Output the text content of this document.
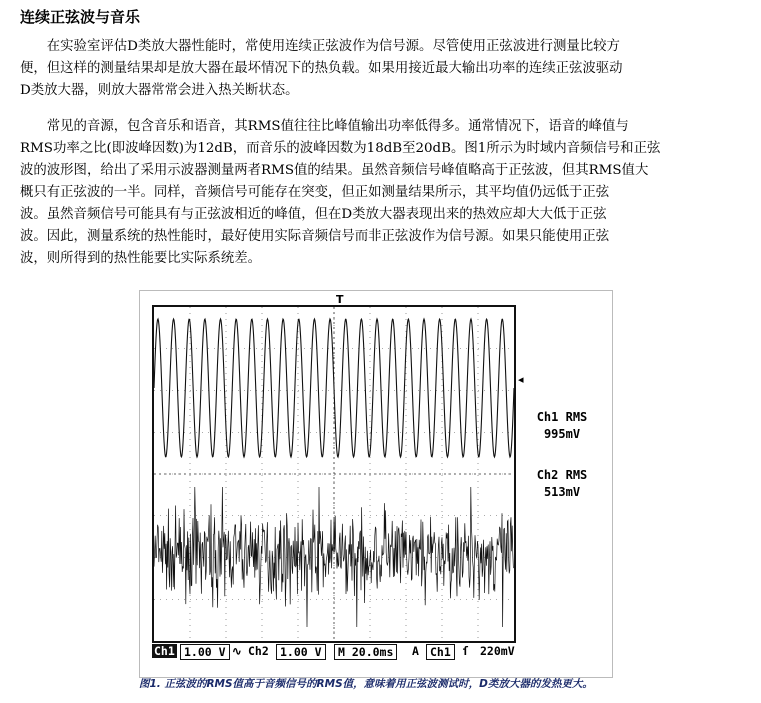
连续正弦波与音乐
　　在实验室评估D类放大器性能时，常使用连续正弦波作为信号源。尽管使用正弦波进行测量比较方
便，但这样的测量结果却是放大器在最坏情况下的热负载。如果用接近最大输出功率的连续正弦波驱动
D类放大器，则放大器常常会进入热关断状态。
　　常见的音源，包含音乐和语音，其RMS值往往比峰值输出功率低得多。通常情况下，语音的峰值与
RMS功率之比(即波峰因数)为12dB，而音乐的波峰因数为18dB至20dB。图1所示为时域内音频信号和正弦
波的波形图，给出了采用示波器测量两者RMS值的结果。虽然音频信号峰值略高于正弦波，但其RMS值大
概只有正弦波的一半。同样，音频信号可能存在突变，但正如测量结果所示，其平均值仍远低于正弦
波。虽然音频信号可能具有与正弦波相近的峰值，但在D类放大器表现出来的热效应却大大低于正弦
波。因此，测量系统的热性能时，最好使用实际音频信号而非正弦波作为信号源。如果只能使用正弦
波，则所得到的热性能要比实际系统差。
T
◂
Ch1 RMS
995mV
Ch2 RMS
513mV
Ch1 1.00 V ∿ Ch2 1.00 V	M 20.0ms	A Ch1 ſ 220mV
图1. 正弦波的RMS值高于音频信号的RMS值，意味着用正弦波测试时，D类放大器的发热更大。
